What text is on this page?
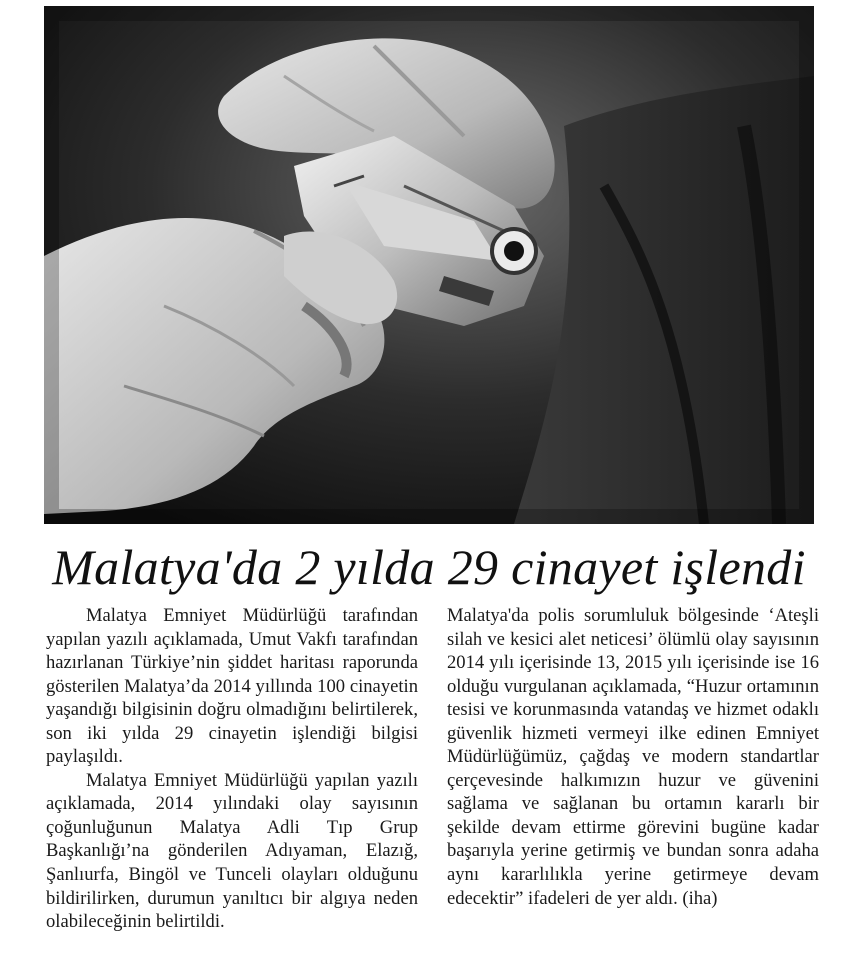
Malatya'da 2 yılda 29 cinayet işlendi

Malatya Emniyet Müdürlüğü tarafından yapılan yazılı açıklamada, Umut Vakfı tarafından hazırlanan Türkiye’nin şiddet haritası raporunda gösterilen Malatya’da 2014 yıllında 100 cinayetin yaşandığı bilgisinin doğru olmadığını belirtilerek, son iki yılda 29 cinayetin işlendiği bilgisi paylaşıldı.

Malatya Emniyet Müdürlüğü yapılan yazılı açıklamada, 2014 yılındaki olay sayısının çoğunluğunun Malatya Adli Tıp Grup Başkanlığı’na gönderilen Adıyaman, Elazığ, Şanlıurfa, Bingöl ve Tunceli olayları olduğunu bildirilirken, durumun yanıltıcı bir algıya neden olabileceğinin belirtildi.

Malatya'da polis sorumluluk bölgesinde ‘Ateşli silah ve kesici alet neticesi’ ölümlü olay sayısının 2014 yılı içerisinde 13, 2015 yılı içerisinde ise 16 olduğu vurgulanan açıklamada, “Huzur ortamının tesisi ve korunmasında vatandaş ve hizmet odaklı güvenlik hizmeti vermeyi ilke edinen Emniyet Müdürlüğümüz, çağdaş ve modern standartlar çerçevesinde halkımızın huzur ve güvenini sağlama ve sağlanan bu ortamın kararlı bir şekilde devam ettirme görevini bugüne kadar başarıyla yerine getirmiş ve bundan sonra adaha aynı kararlılıkla yerine getirmeye devam edecektir” ifadeleri de yer aldı. (iha)
